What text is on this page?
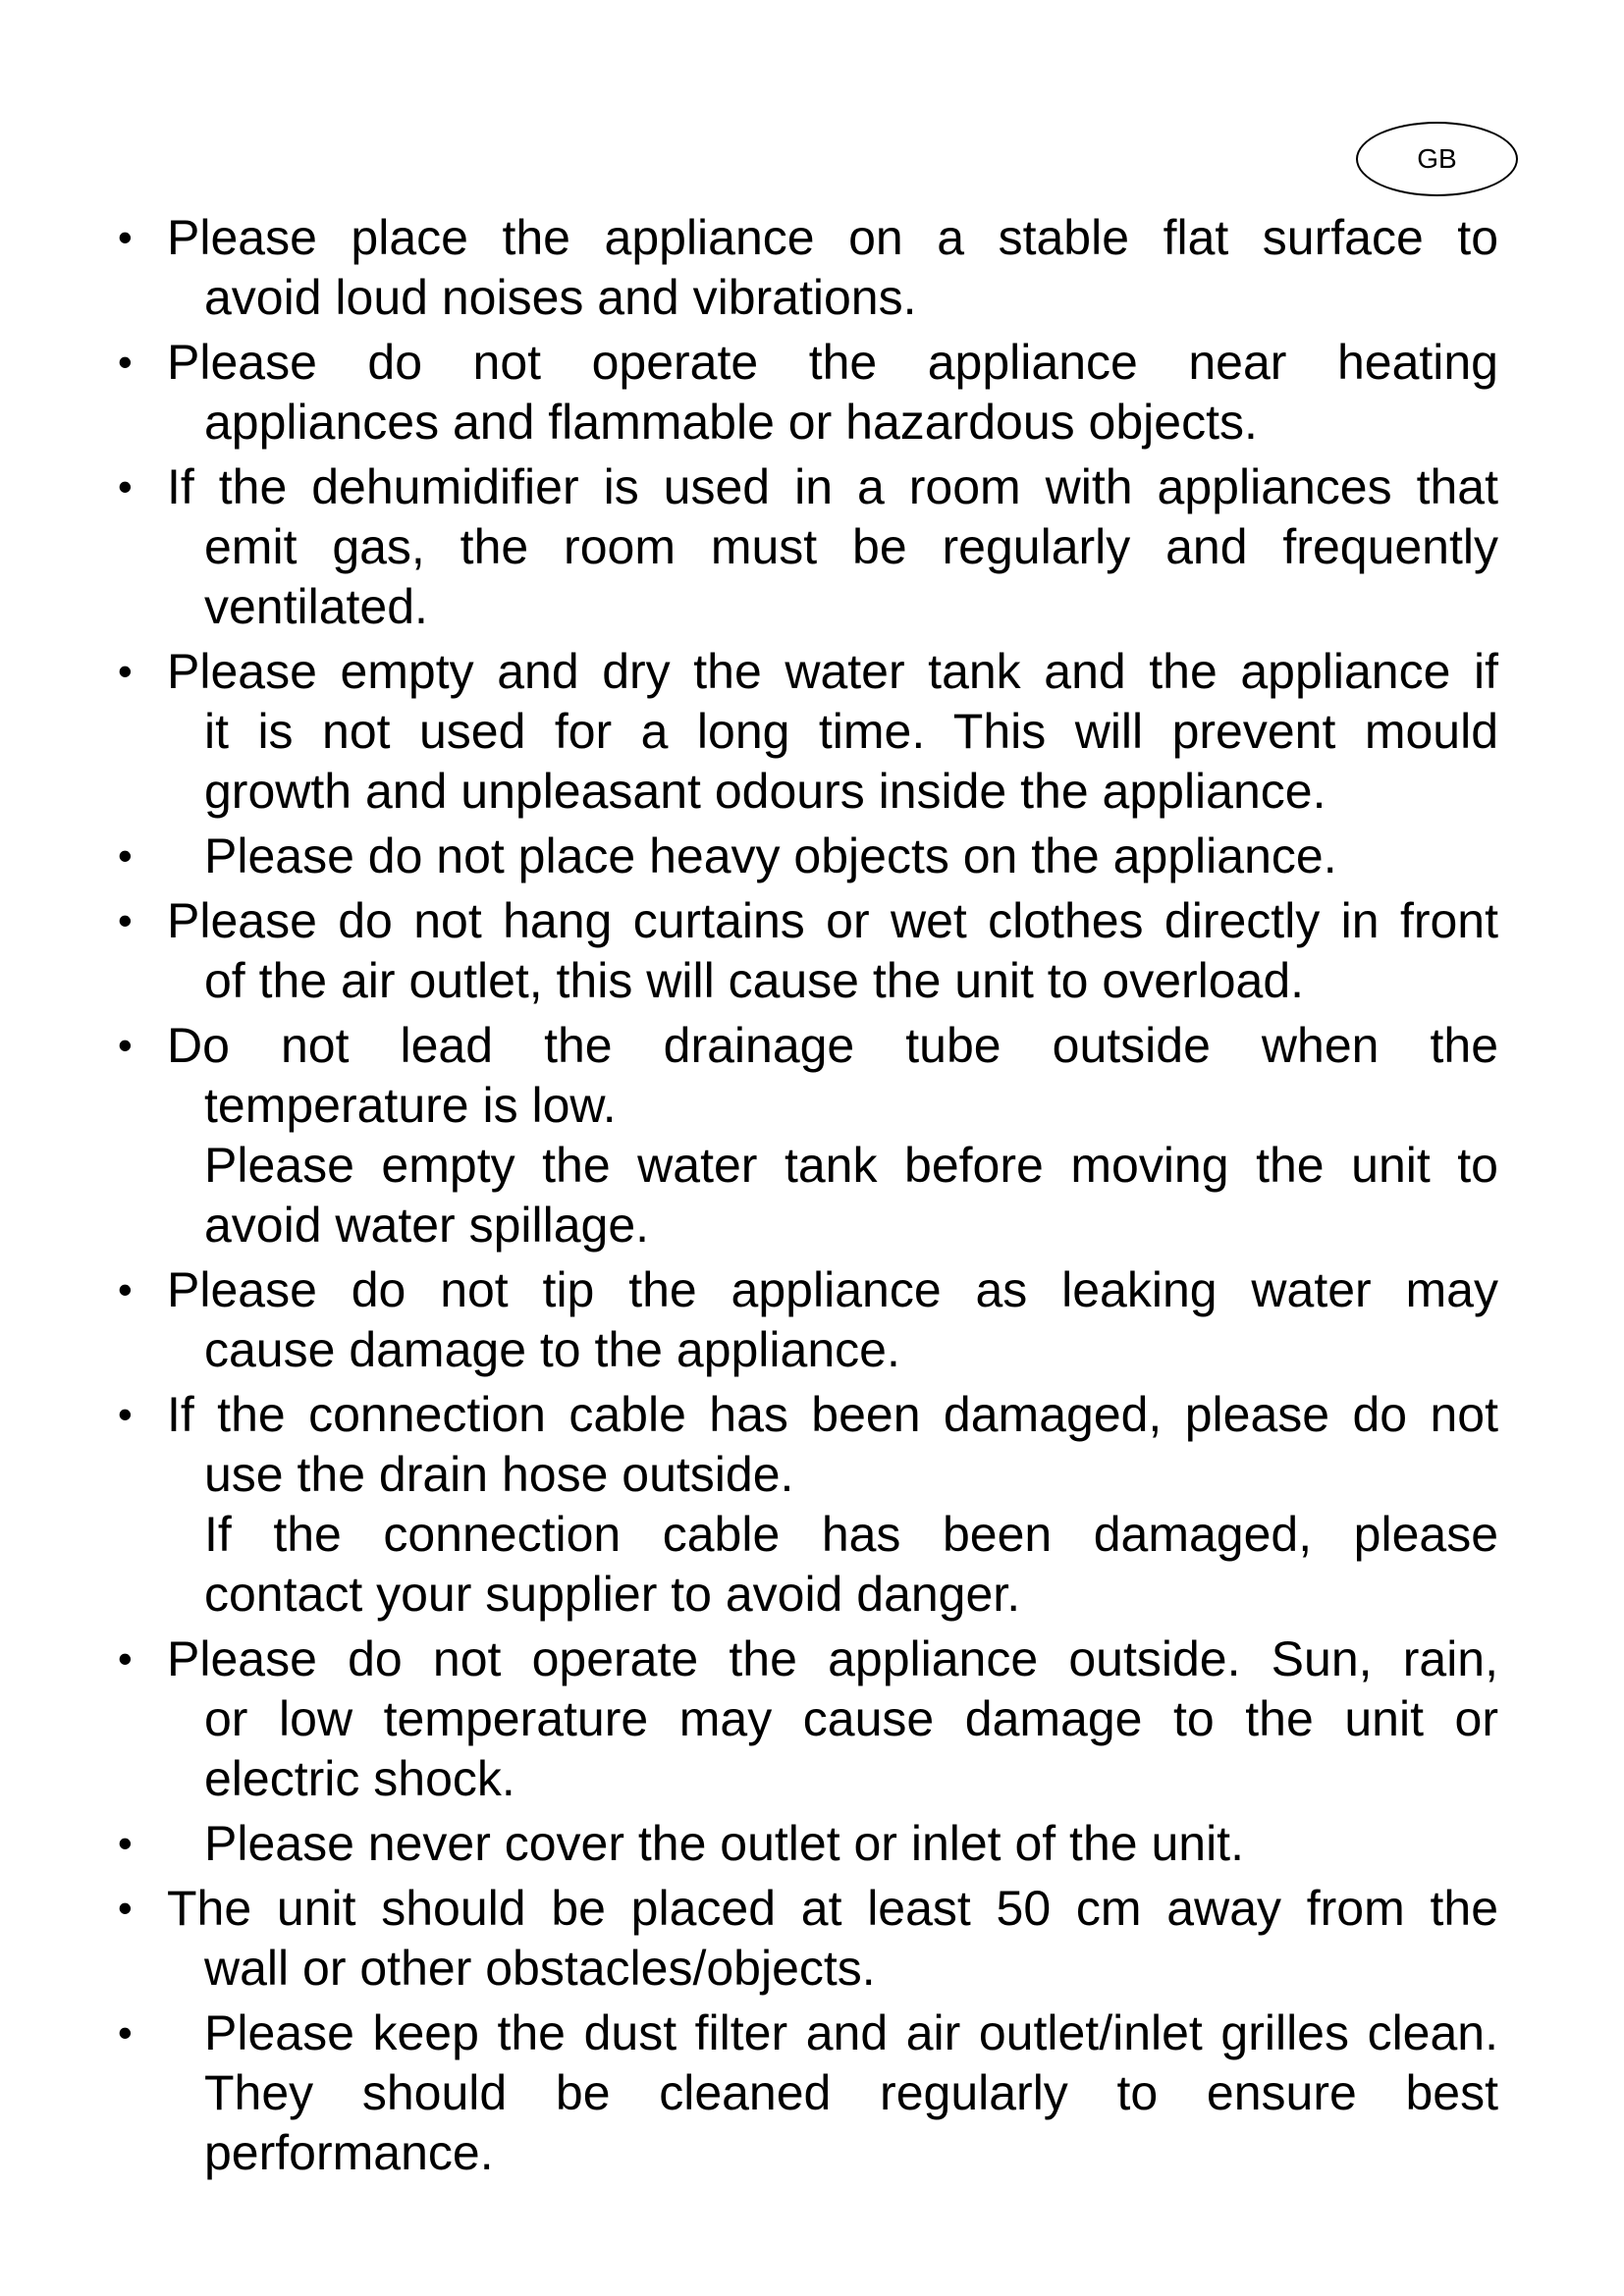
GB
• Please place the appliance on a stable flat surface to
avoid loud noises and vibrations.
• Please do not operate the appliance near heating
appliances and flammable or hazardous objects.
• If the dehumidifier is used in a room with appliances that
emit gas, the room must be regularly and frequently
ventilated.
• Please empty and dry the water tank and the appliance if
it is not used for a long time. This will prevent mould
growth and unpleasant odours inside the appliance.
• Please do not place heavy objects on the appliance.
• Please do not hang curtains or wet clothes directly in front
of the air outlet, this will cause the unit to overload.
• Do not lead the drainage tube outside when the
temperature is low.
Please empty the water tank before moving the unit to
avoid water spillage.
• Please do not tip the appliance as leaking water may
cause damage to the appliance.
• If the connection cable has been damaged, please do not
use the drain hose outside.
If the connection cable has been damaged, please
contact your supplier to avoid danger.
• Please do not operate the appliance outside. Sun, rain,
or low temperature may cause damage to the unit or
electric shock.
• Please never cover the outlet or inlet of the unit.
• The unit should be placed at least 50 cm away from the
wall or other obstacles/objects.
• Please keep the dust filter and air outlet/inlet grilles clean.
They should be cleaned regularly to ensure best
performance.
